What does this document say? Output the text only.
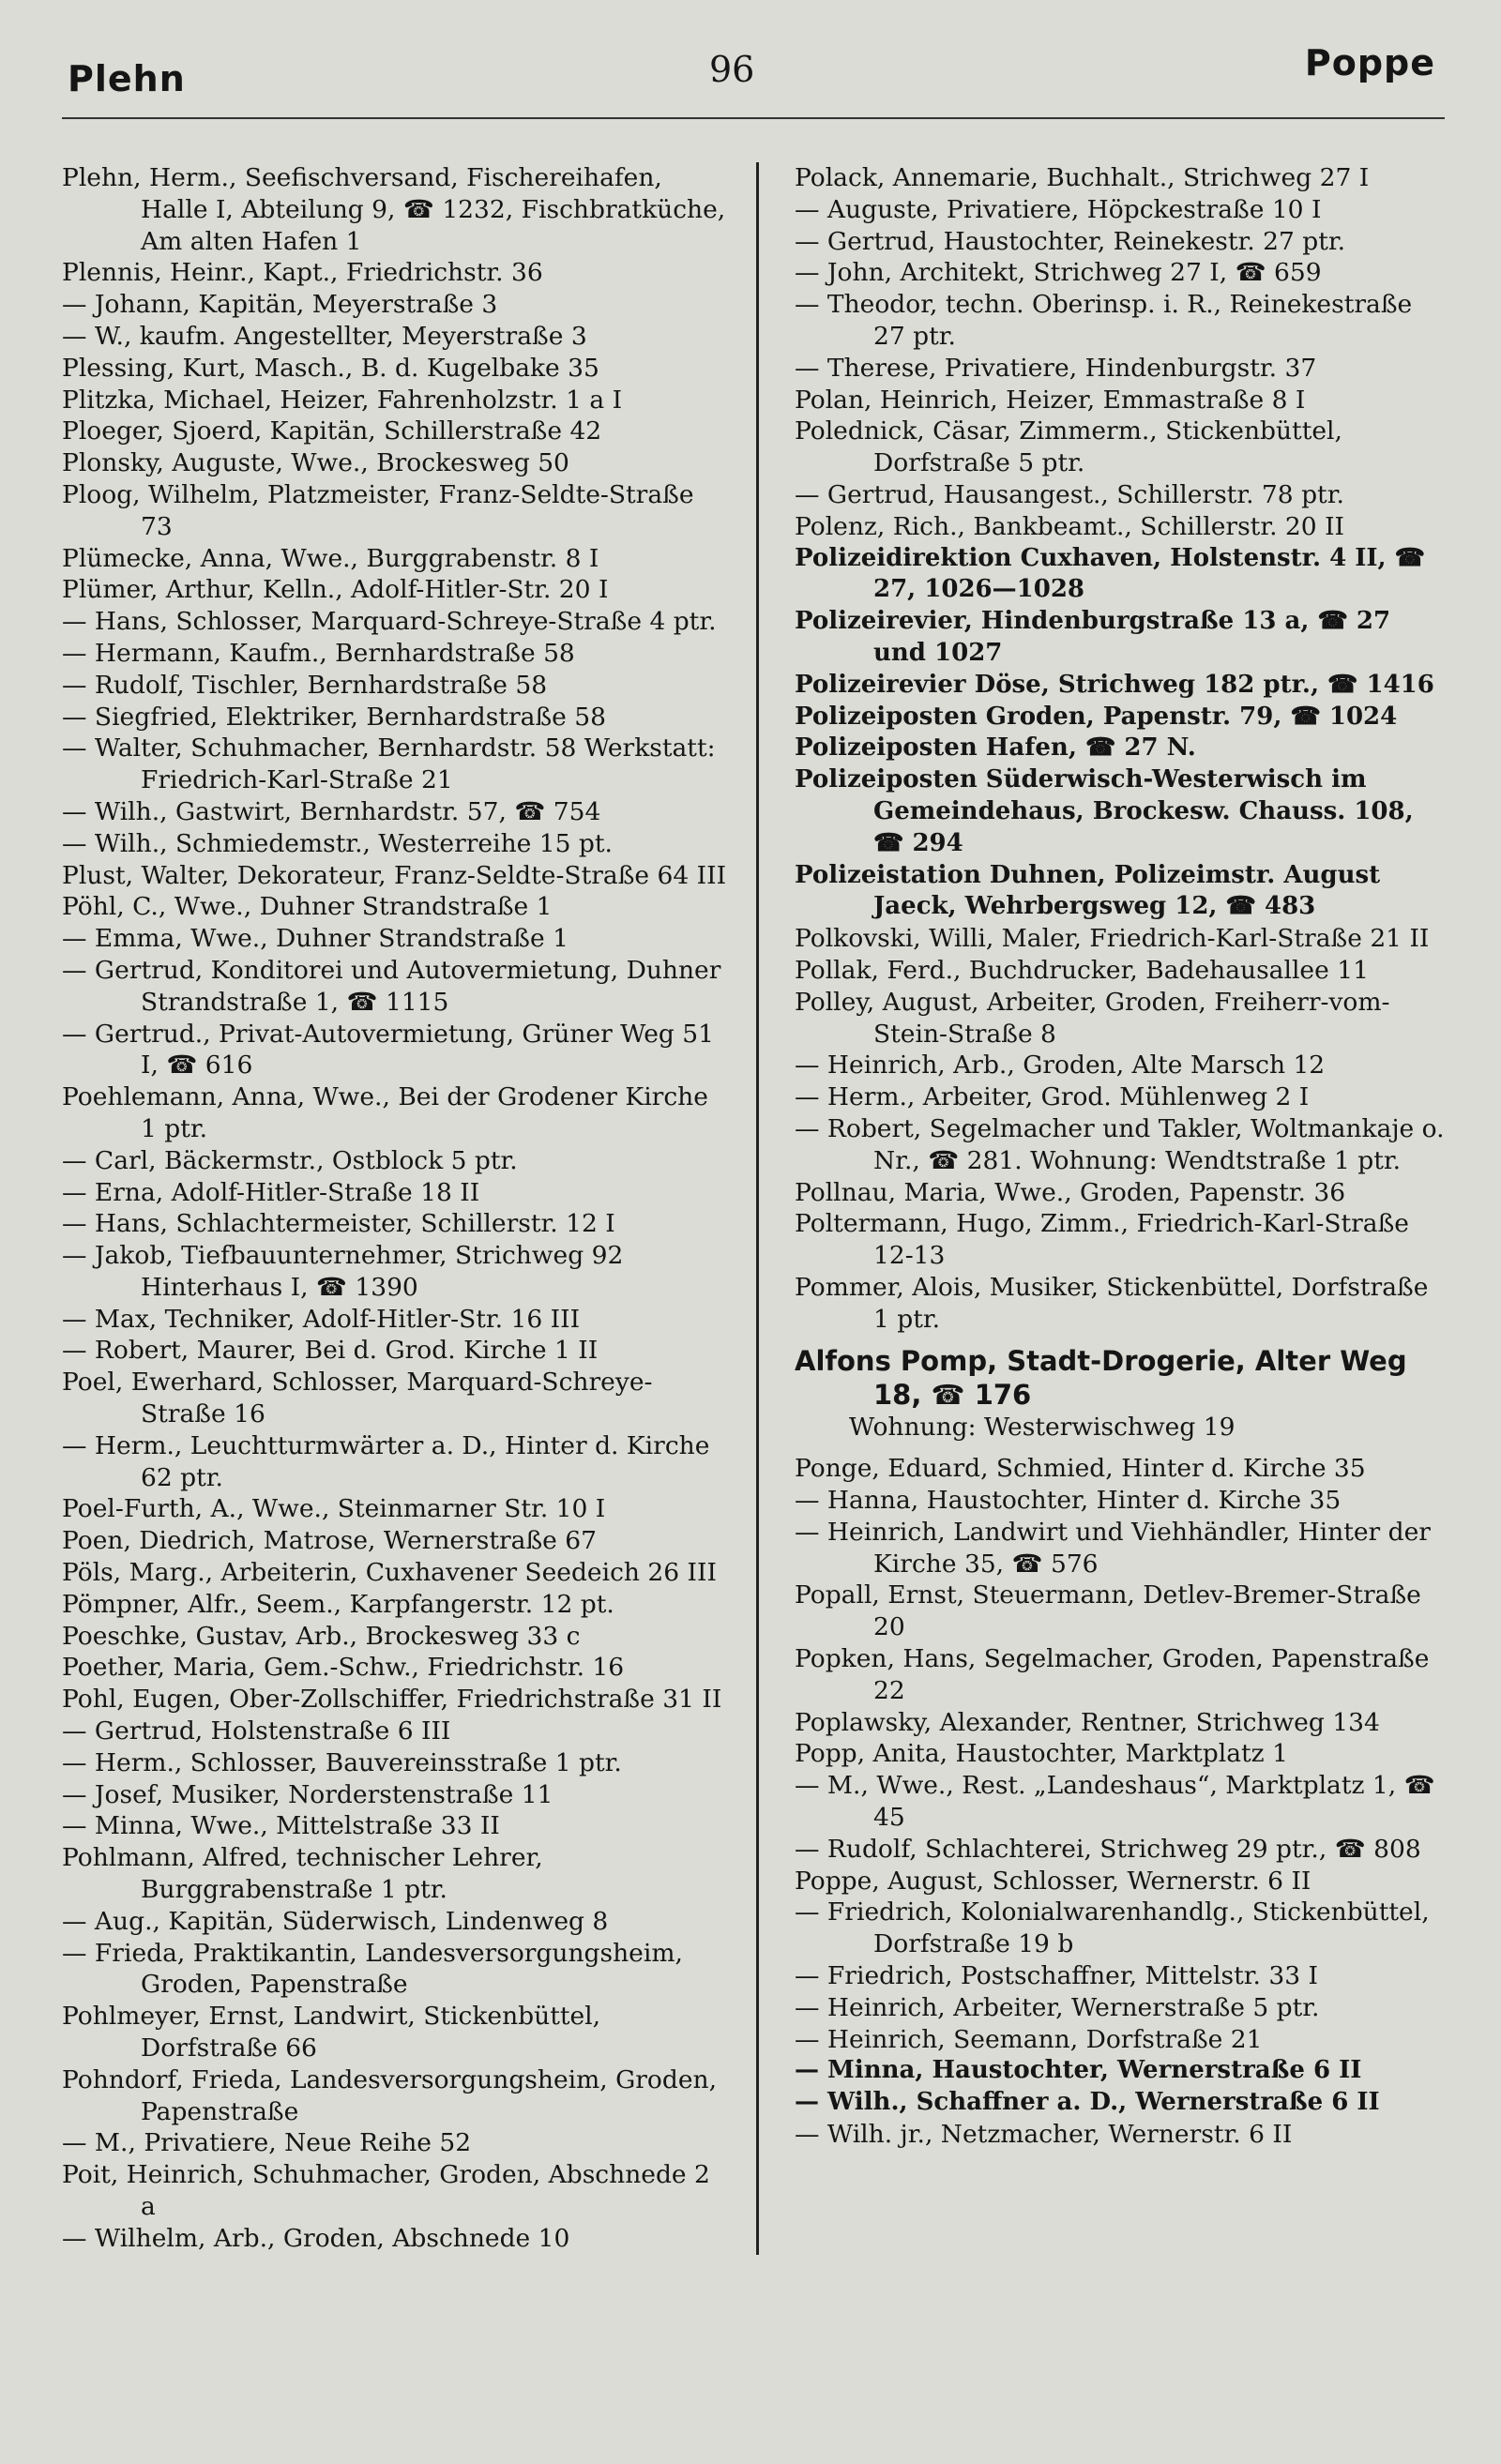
Plehn	96	Poppe
Plehn, Herm., Seefischversand, Fischereihafen, Halle I, Abteilung 9, ☎ 1232, Fischbratküche, Am alten Hafen 1
Plennis, Heinr., Kapt., Friedrichstr. 36
— Johann, Kapitän, Meyerstraße 3
— W., kaufm. Angestellter, Meyerstraße 3
Plessing, Kurt, Masch., B. d. Kugelbake 35
Plitzka, Michael, Heizer, Fahrenholzstr. 1 a I
Ploeger, Sjoerd, Kapitän, Schillerstraße 42
Plonsky, Auguste, Wwe., Brockesweg 50
Ploog, Wilhelm, Platzmeister, Franz-Seldte-Straße 73
Plümecke, Anna, Wwe., Burggrabenstr. 8 I
Plümer, Arthur, Kelln., Adolf-Hitler-Str. 20 I
— Hans, Schlosser, Marquard-Schreye-Straße 4 ptr.
— Hermann, Kaufm., Bernhardstraße 58
— Rudolf, Tischler, Bernhardstraße 58
— Siegfried, Elektriker, Bernhardstraße 58
— Walter, Schuhmacher, Bernhardstr. 58 Werkstatt: Friedrich-Karl-Straße 21
— Wilh., Gastwirt, Bernhardstr. 57, ☎ 754
— Wilh., Schmiedemstr., Westerreihe 15 pt.
Plust, Walter, Dekorateur, Franz-Seldte-Straße 64 III
Pöhl, C., Wwe., Duhner Strandstraße 1
— Emma, Wwe., Duhner Strandstraße 1
— Gertrud, Konditorei und Autovermietung, Duhner Strandstraße 1, ☎ 1115
— Gertrud., Privat-Autovermietung, Grüner Weg 51 I, ☎ 616
Poehlemann, Anna, Wwe., Bei der Grodener Kirche 1 ptr.
— Carl, Bäckermstr., Ostblock 5 ptr.
— Erna, Adolf-Hitler-Straße 18 II
— Hans, Schlachtermeister, Schillerstr. 12 I
— Jakob, Tiefbauunternehmer, Strichweg 92 Hinterhaus I, ☎ 1390
— Max, Techniker, Adolf-Hitler-Str. 16 III
— Robert, Maurer, Bei d. Grod. Kirche 1 II
Poel, Ewerhard, Schlosser, Marquard-Schreye-Straße 16
— Herm., Leuchtturmwärter a. D., Hinter d. Kirche 62 ptr.
Poel-Furth, A., Wwe., Steinmarner Str. 10 I
Poen, Diedrich, Matrose, Wernerstraße 67
Pöls, Marg., Arbeiterin, Cuxhavener Seedeich 26 III
Pömpner, Alfr., Seem., Karpfangerstr. 12 pt.
Poeschke, Gustav, Arb., Brockesweg 33 c
Poether, Maria, Gem.-Schw., Friedrichstr. 16
Pohl, Eugen, Ober-Zollschiffer, Friedrichstraße 31 II
— Gertrud, Holstenstraße 6 III
— Herm., Schlosser, Bauvereinsstraße 1 ptr.
— Josef, Musiker, Norderstenstraße 11
— Minna, Wwe., Mittelstraße 33 II
Pohlmann, Alfred, technischer Lehrer, Burggrabenstraße 1 ptr.
— Aug., Kapitän, Süderwisch, Lindenweg 8
— Frieda, Praktikantin, Landesversorgungsheim, Groden, Papenstraße
Pohlmeyer, Ernst, Landwirt, Stickenbüttel, Dorfstraße 66
Pohndorf, Frieda, Landesversorgungsheim, Groden, Papenstraße
— M., Privatiere, Neue Reihe 52
Poit, Heinrich, Schuhmacher, Groden, Abschnede 2 a
— Wilhelm, Arb., Groden, Abschnede 10
Polack, Annemarie, Buchhalt., Strichweg 27 I
— Auguste, Privatiere, Höpckestraße 10 I
— Gertrud, Haustochter, Reinekestr. 27 ptr.
— John, Architekt, Strichweg 27 I, ☎ 659
— Theodor, techn. Oberinsp. i. R., Reinekestraße 27 ptr.
— Therese, Privatiere, Hindenburgstr. 37
Polan, Heinrich, Heizer, Emmastraße 8 I
Polednick, Cäsar, Zimmerm., Stickenbüttel, Dorfstraße 5 ptr.
— Gertrud, Hausangest., Schillerstr. 78 ptr.
Polenz, Rich., Bankbeamt., Schillerstr. 20 II
Polizeidirektion Cuxhaven, Holstenstr. 4 II, ☎ 27, 1026—1028
Polizeirevier, Hindenburgstraße 13 a, ☎ 27 und 1027
Polizeirevier Döse, Strichweg 182 ptr., ☎ 1416
Polizeiposten Groden, Papenstr. 79, ☎ 1024
Polizeiposten Hafen, ☎ 27 N.
Polizeiposten Süderwisch-Westerwisch im Gemeindehaus, Brockesw. Chauss. 108, ☎ 294
Polizeistation Duhnen, Polizeimstr. August Jaeck, Wehrbergsweg 12, ☎ 483
Polkovski, Willi, Maler, Friedrich-Karl-Straße 21 II
Pollak, Ferd., Buchdrucker, Badehausallee 11
Polley, August, Arbeiter, Groden, Freiherr-vom-Stein-Straße 8
— Heinrich, Arb., Groden, Alte Marsch 12
— Herm., Arbeiter, Grod. Mühlenweg 2 I
— Robert, Segelmacher und Takler, Woltmankaje o. Nr., ☎ 281. Wohnung: Wendtstraße 1 ptr.
Pollnau, Maria, Wwe., Groden, Papenstr. 36
Poltermann, Hugo, Zimm., Friedrich-Karl-Straße 12-13
Pommer, Alois, Musiker, Stickenbüttel, Dorfstraße 1 ptr.
Alfons Pomp, Stadt-Drogerie, Alter Weg 18, ☎ 176
Wohnung: Westerwischweg 19
Ponge, Eduard, Schmied, Hinter d. Kirche 35
— Hanna, Haustochter, Hinter d. Kirche 35
— Heinrich, Landwirt und Viehhändler, Hinter der Kirche 35, ☎ 576
Popall, Ernst, Steuermann, Detlev-Bremer-Straße 20
Popken, Hans, Segelmacher, Groden, Papenstraße 22
Poplawsky, Alexander, Rentner, Strichweg 134
Popp, Anita, Haustochter, Marktplatz 1
— M., Wwe., Rest. „Landeshaus“, Marktplatz 1, ☎ 45
— Rudolf, Schlachterei, Strichweg 29 ptr., ☎ 808
Poppe, August, Schlosser, Wernerstr. 6 II
— Friedrich, Kolonialwarenhandlg., Stickenbüttel, Dorfstraße 19 b
— Friedrich, Postschaffner, Mittelstr. 33 I
— Heinrich, Arbeiter, Wernerstraße 5 ptr.
— Heinrich, Seemann, Dorfstraße 21
— Minna, Haustochter, Wernerstraße 6 II
— Wilh., Schaffner a. D., Wernerstraße 6 II
— Wilh. jr., Netzmacher, Wernerstr. 6 II
